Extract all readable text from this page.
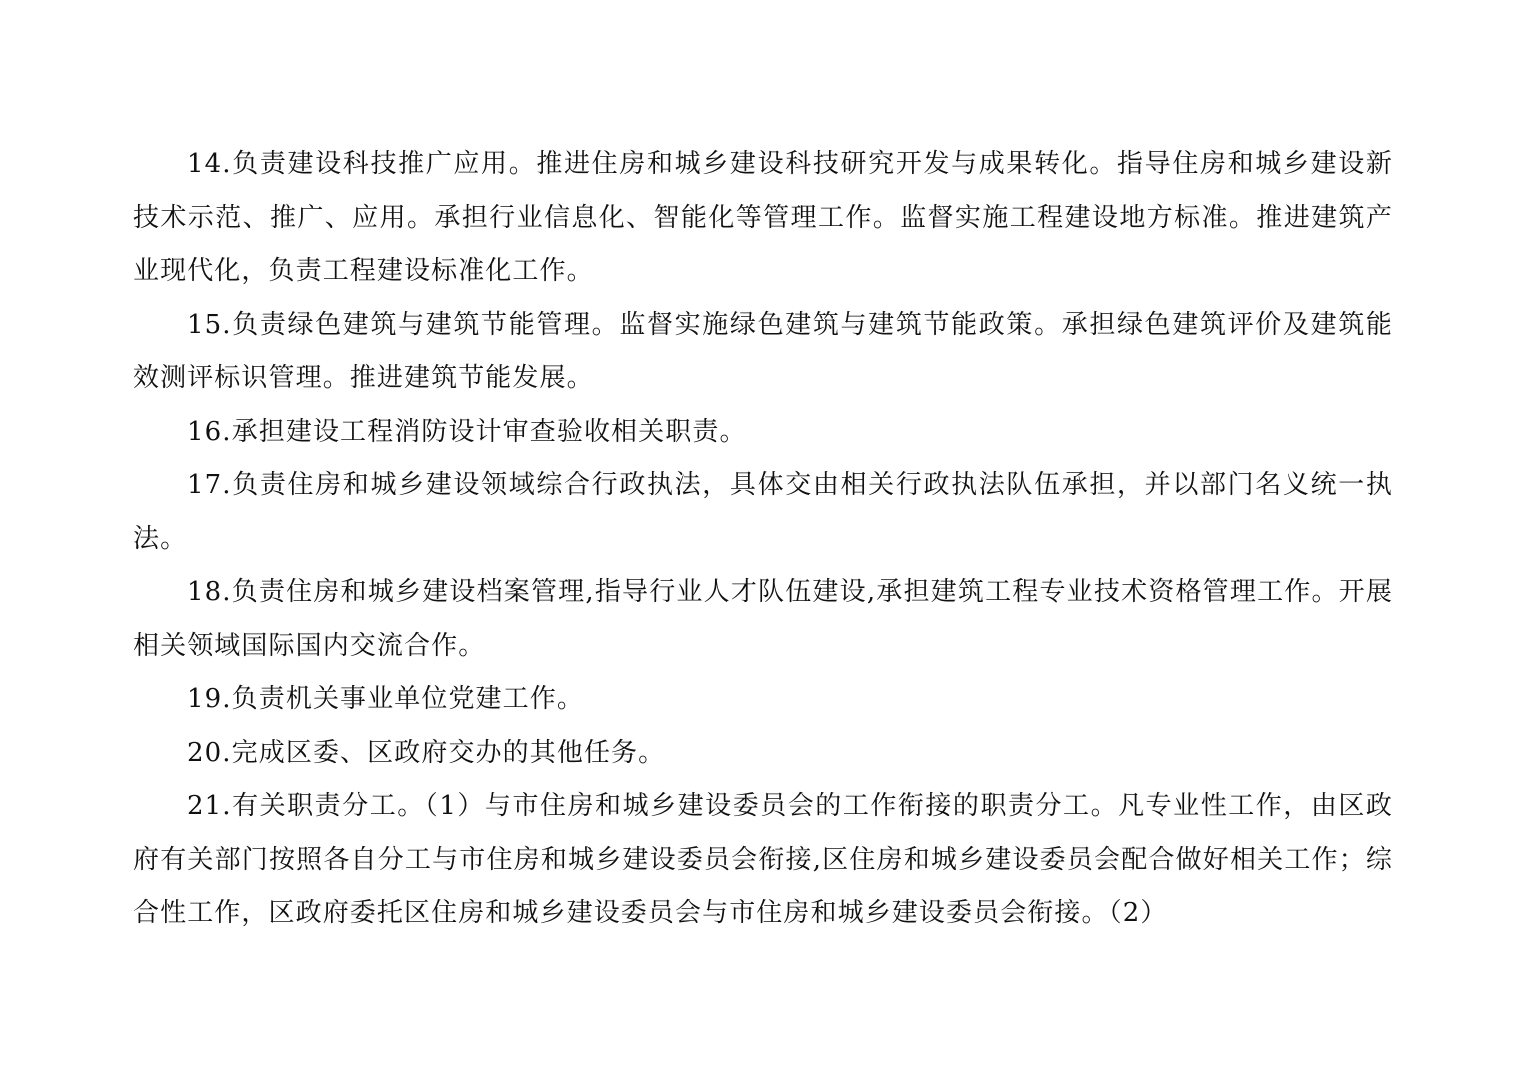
14.负责建设科技推广应用。推进住房和城乡建设科技研究开发与成果转化。指导住房和城乡建设新技术示范、推广、应用。承担行业信息化、智能化等管理工作。监督实施工程建设地方标准。推进建筑产业现代化，负责工程建设标准化工作。

15.负责绿色建筑与建筑节能管理。监督实施绿色建筑与建筑节能政策。承担绿色建筑评价及建筑能效测评标识管理。推进建筑节能发展。

16.承担建设工程消防设计审查验收相关职责。

17.负责住房和城乡建设领域综合行政执法，具体交由相关行政执法队伍承担，并以部门名义统一执法。

18.负责住房和城乡建设档案管理,指导行业人才队伍建设,承担建筑工程专业技术资格管理工作。开展相关领域国际国内交流合作。

19.负责机关事业单位党建工作。

20.完成区委、区政府交办的其他任务。

21.有关职责分工。（1）与市住房和城乡建设委员会的工作衔接的职责分工。凡专业性工作，由区政府有关部门按照各自分工与市住房和城乡建设委员会衔接,区住房和城乡建设委员会配合做好相关工作；综合性工作，区政府委托区住房和城乡建设委员会与市住房和城乡建设委员会衔接。（2）
